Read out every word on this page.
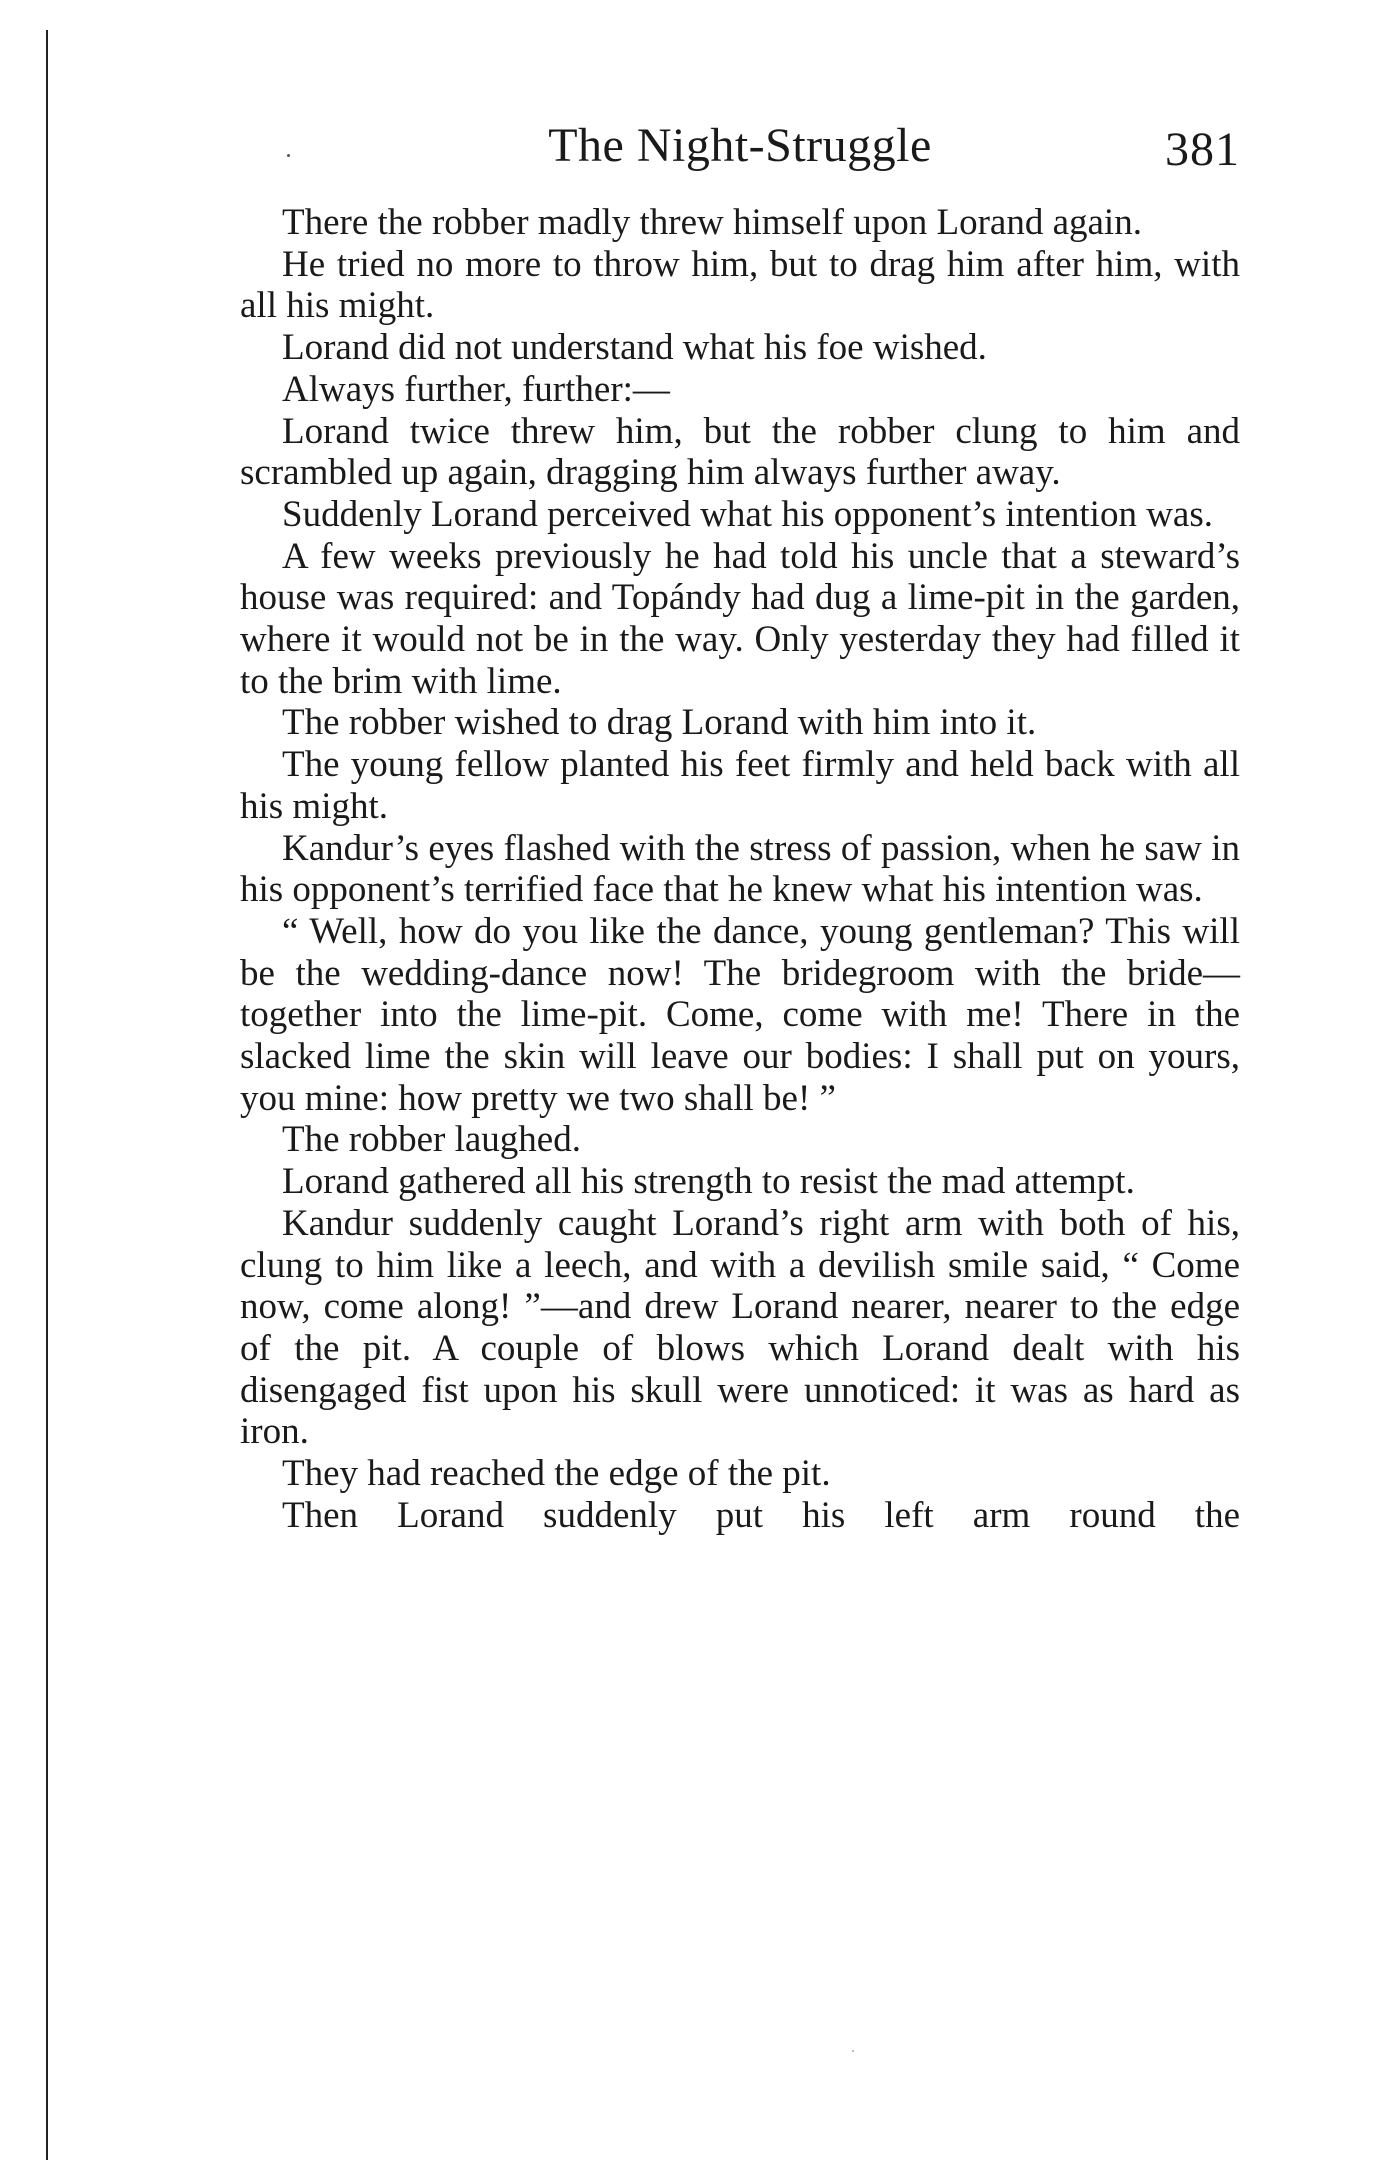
The Night-Struggle	381

There the robber madly threw himself upon Lorand again.

He tried no more to throw him, but to drag him after him, with all his might.

Lorand did not understand what his foe wished.

Always further, further:—

Lorand twice threw him, but the robber clung to him and scrambled up again, dragging him always further away.

Suddenly Lorand perceived what his opponent’s intention was.

A few weeks previously he had told his uncle that a steward’s house was required: and Topándy had dug a lime-pit in the garden, where it would not be in the way. Only yesterday they had filled it to the brim with lime.

The robber wished to drag Lorand with him into it.

The young fellow planted his feet firmly and held back with all his might.

Kandur’s eyes flashed with the stress of passion, when he saw in his opponent’s terrified face that he knew what his intention was.

“ Well, how do you like the dance, young gentleman? This will be the wedding-dance now! The bridegroom with the bride—together into the lime-pit. Come, come with me! There in the slacked lime the skin will leave our bodies: I shall put on yours, you mine: how pretty we two shall be! ”

The robber laughed.

Lorand gathered all his strength to resist the mad attempt.

Kandur suddenly caught Lorand’s right arm with both of his, clung to him like a leech, and with a devilish smile said, “ Come now, come along! ”—and drew Lorand nearer, nearer to the edge of the pit. A couple of blows which Lorand dealt with his disengaged fist upon his skull were unnoticed: it was as hard as iron.

They had reached the edge of the pit.

Then Lorand suddenly put his left arm round the
